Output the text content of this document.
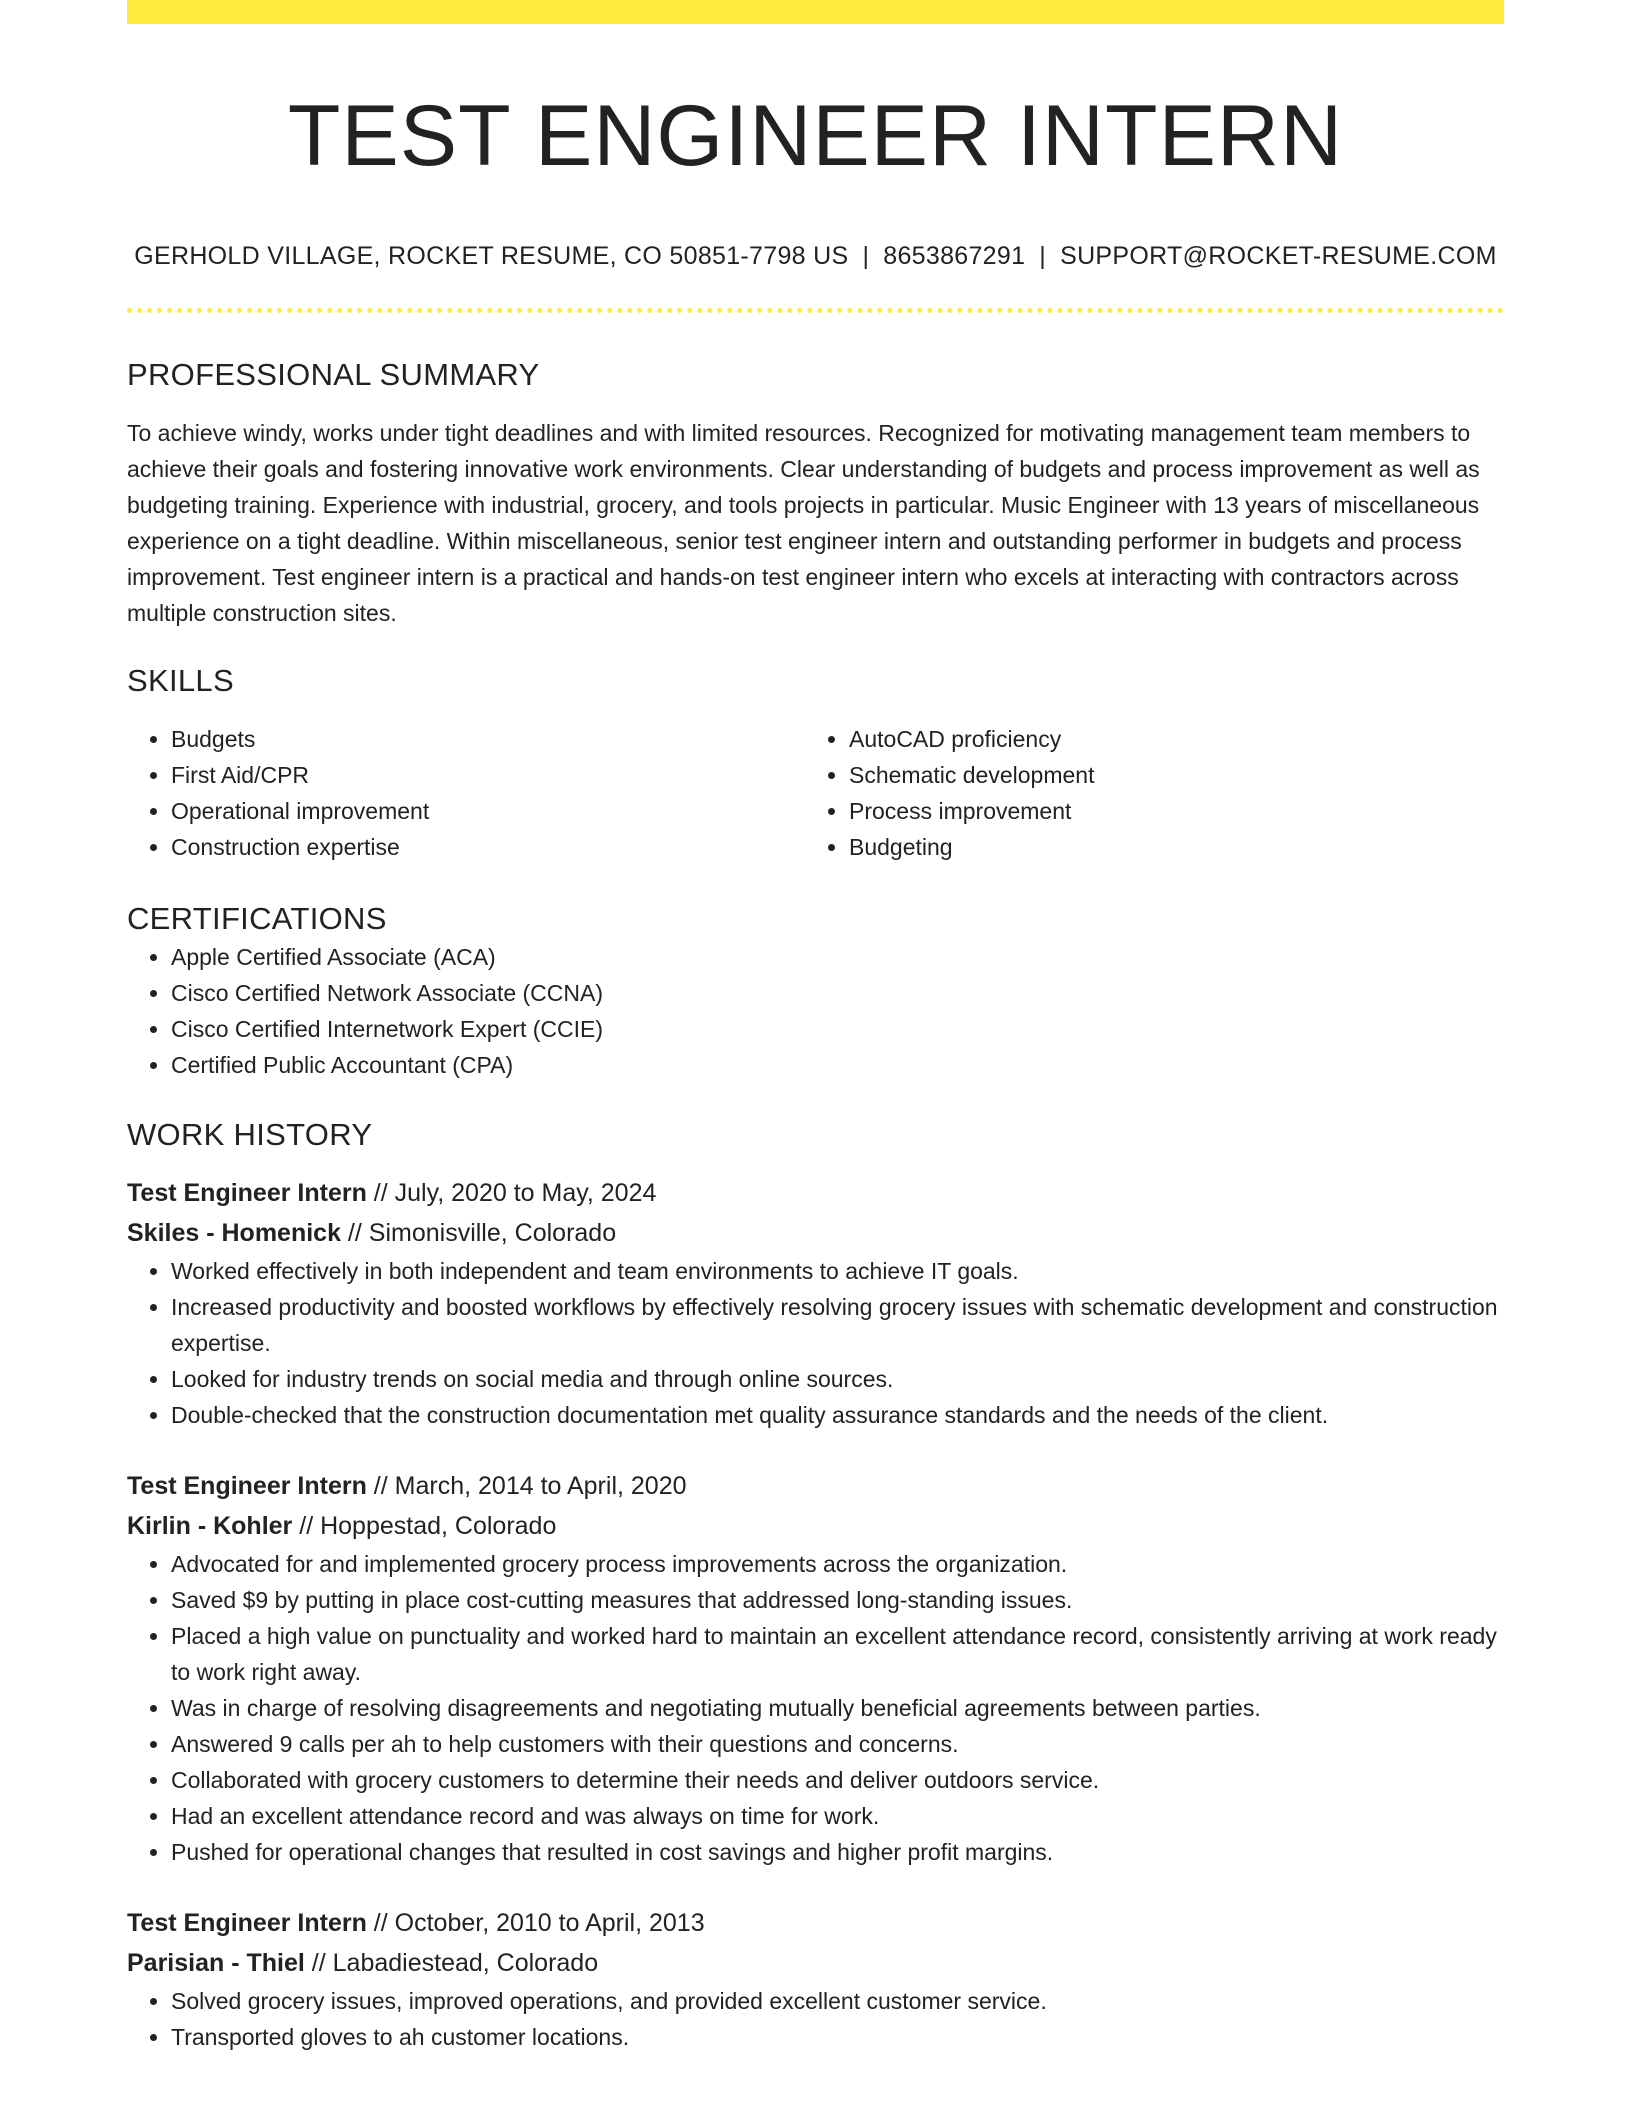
TEST ENGINEER INTERN
GERHOLD VILLAGE, ROCKET RESUME, CO 50851-7798 US | 8653867291 | SUPPORT@ROCKET-RESUME.COM
PROFESSIONAL SUMMARY

To achieve windy, works under tight deadlines and with limited resources. Recognized for motivating management team members to achieve their goals and fostering innovative work environments. Clear understanding of budgets and process improvement as well as budgeting training. Experience with industrial, grocery, and tools projects in particular. Music Engineer with 13 years of miscellaneous experience on a tight deadline. Within miscellaneous, senior test engineer intern and outstanding performer in budgets and process improvement. Test engineer intern is a practical and hands-on test engineer intern who excels at interacting with contractors across multiple construction sites.

SKILLS
• Budgets
• First Aid/CPR
• Operational improvement
• Construction expertise
• AutoCAD proficiency
• Schematic development
• Process improvement
• Budgeting
CERTIFICATIONS
• Apple Certified Associate (ACA)
• Cisco Certified Network Associate (CCNA)
• Cisco Certified Internetwork Expert (CCIE)
• Certified Public Accountant (CPA)
WORK HISTORY
Test Engineer Intern // July, 2020 to May, 2024
Skiles - Homenick // Simonisville, Colorado
• Worked effectively in both independent and team environments to achieve IT goals.
• Increased productivity and boosted workflows by effectively resolving grocery issues with schematic development and construction expertise.
• Looked for industry trends on social media and through online sources.
• Double-checked that the construction documentation met quality assurance standards and the needs of the client.
Test Engineer Intern // March, 2014 to April, 2020
Kirlin - Kohler // Hoppestad, Colorado
• Advocated for and implemented grocery process improvements across the organization.
• Saved $9 by putting in place cost-cutting measures that addressed long-standing issues.
• Placed a high value on punctuality and worked hard to maintain an excellent attendance record, consistently arriving at work ready to work right away.
• Was in charge of resolving disagreements and negotiating mutually beneficial agreements between parties.
• Answered 9 calls per ah to help customers with their questions and concerns.
• Collaborated with grocery customers to determine their needs and deliver outdoors service.
• Had an excellent attendance record and was always on time for work.
• Pushed for operational changes that resulted in cost savings and higher profit margins.
Test Engineer Intern // October, 2010 to April, 2013
Parisian - Thiel // Labadiestead, Colorado
• Solved grocery issues, improved operations, and provided excellent customer service.
• Transported gloves to ah customer locations.
